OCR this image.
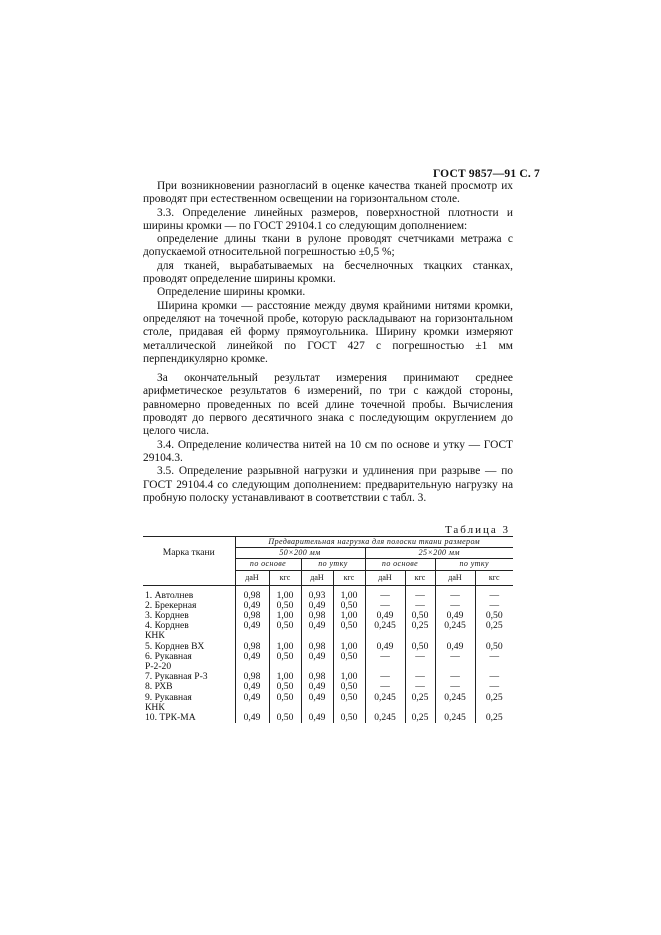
ГОСТ 9857—91 С. 7

При возникновении разногласий в оценке качества тканей просмотр их проводят при естественном освещении на горизонтальном столе.

3.3. Определение линейных размеров, поверхностной плотности и ширины кромки — по ГОСТ 29104.1 со следующим дополнением:

определение длины ткани в рулоне проводят счетчиками метража с допускаемой относительной погрешностью ±0,5 %;

для тканей, вырабатываемых на бесчелночных ткацких станках, проводят определение ширины кромки.

Определение ширины кромки.

Ширина кромки — расстояние между двумя крайними нитями кромки, определяют на точечной пробе, которую раскладывают на горизонтальном столе, придавая ей форму прямоугольника. Ширину кромки измеряют металлической линейкой по ГОСТ 427 с погрешностью ±1 мм перпендикулярно кромке.

За окончательный результат измерения принимают среднее арифметическое результатов 6 измерений, по три с каждой стороны, равномерно проведенных по всей длине точечной пробы. Вычисления проводят до первого десятичного знака с последующим округлением до целого числа.

3.4. Определение количества нитей на 10 см по основе и утку — ГОСТ 29104.3.

3.5. Определение разрывной нагрузки и удлинения при разрыве — по ГОСТ 29104.4 со следующим дополнением: предварительную нагрузку на пробную полоску устанавливают в соответствии с табл. 3.

Таблица 3
Марка ткани	Предварительная нагрузка для полоски ткани размером							
	50×200 мм				25×200 мм			
	по основе		по утку		по основе		по утку	
	даН	кгс	даН	кгс	даН	кгс	даН	кгс
1. Автолнев	0,98	1,00	0,93	1,00	—	—	—	—
2. Брекерная	0,49	0,50	0,49	0,50	—	—	—	—
3. Корднев	0,98	1,00	0,98	1,00	0,49	0,50	0,49	0,50
4. Корднев	0,49	0,50	0,49	0,50	0,245	0,25	0,245	0,25
КНК								
5. Корднев ВХ	0,98	1,00	0,98	1,00	0,49	0,50	0,49	0,50
6. Рукавная	0,49	0,50	0,49	0,50	—	—	—	—
Р-2-20								
7. Рукавная Р-3	0,98	1,00	0,98	1,00	—	—	—	—
8. РХВ	0,49	0,50	0,49	0,50	—	—	—	—
9. Рукавная	0,49	0,50	0,49	0,50	0,245	0,25	0,245	0,25
КНК								
10. ТРК-МА	0,49	0,50	0,49	0,50	0,245	0,25	0,245	0,25
